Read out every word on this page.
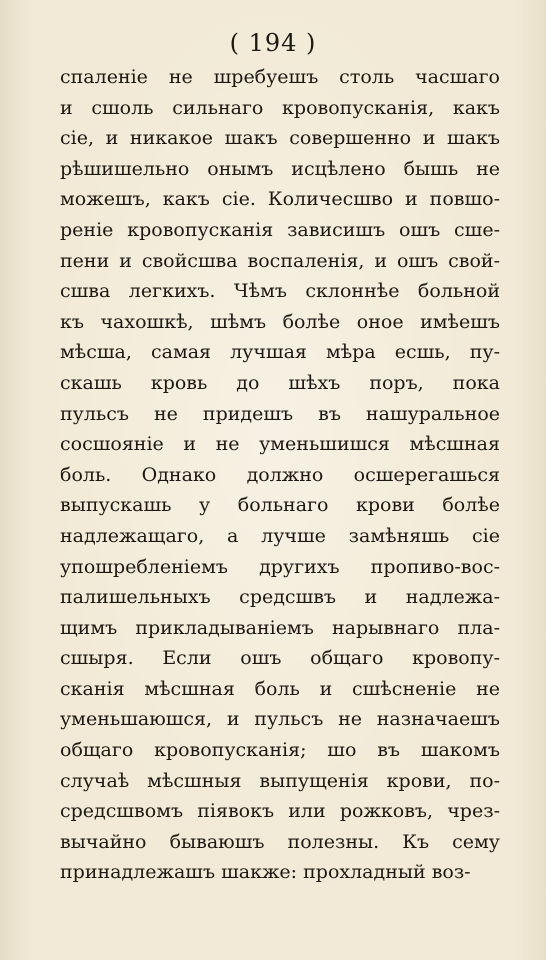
( 194 )
спаленіе не шребуешъ столь часшаго
и сшоль сильнаго кровопусканія, какъ
сіе, и никакое шакъ совершенно и шакъ
рѣшишельно онымъ исцѣлено бышь не
можешъ, какъ сіе. Количесшво и повшо-
реніе кровопусканія зависишъ ошъ сше-
пени и свойсшва воспаленія, и ошъ свой-
сшва легкихъ. Чѣмъ склоннѣе больной
къ чахошкѣ, шѣмъ болѣе оное имѣешъ
мѣсша, самая лучшая мѣра есшь, пу-
скашь кровь до шѣхъ поръ, пока
пульсъ не придешъ въ нашуральное
сосшояніе и не уменьшишся мѣсшная
боль. Однако должно осшерегашься
выпускашь у больнаго крови болѣе
надлежащаго, а лучше замѣняшь сіе
упошребленіемъ другихъ пропиво-вос-
палишельныхъ средсшвъ и надлежа-
щимъ прикладываніемъ нарывнаго пла-
сшыря. Если ошъ общаго кровопу-
сканія мѣсшная боль и сшѣсненіе не
уменьшаюшся, и пульсъ не назначаешъ
общаго кровопусканія; шо въ шакомъ
случаѣ мѣсшныя выпущенія крови, по-
средсшвомъ піявокъ или рожковъ, чрез-
вычайно бываюшъ полезны. Къ сему
принадлежашъ шакже: прохладный воз-
